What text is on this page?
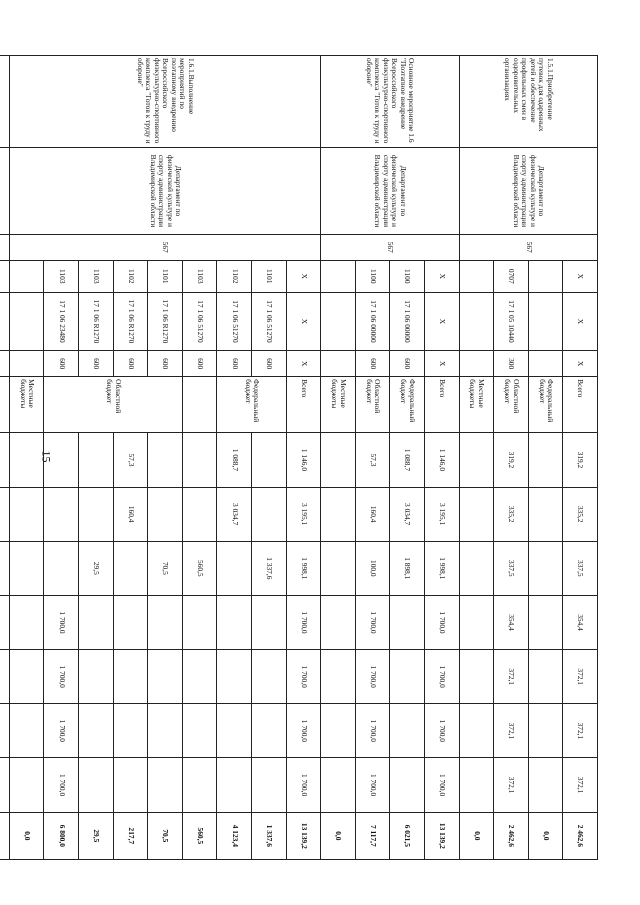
15
1.5.1.Приобретение путевок для одаренных детей и обеспечение профильных смен в оздоровительных организациях	Департамент по физической культуре и спорту администрации Владимирской области	567	X	X	X	Всего	319,2	335,2	337,5	354,4	372,1	372,1	372,1	2 462,6
						Федеральный бюджет								0,0
			0707	17 1 05 10440	300	Областной бюджет	319,2	335,2	337,5	354,4	372,1	372,1	372,1	2 462,6
						Местные бюджеты								0,0
Основное мероприятие 1.6 "Поэтапное внедрение Всероссийского физкультурно-спортивного комплекса "Готов к труду и обороне"	Департамент по физической культуре и спорту администрации Владимирской области	567	X	X	X	Всего	1 146,0	3 195,1	1 998,1	1 700,0	1 700,0	1 700,0	1 700,0	13 139,2
			1100	17 1 06 00000	600	Федеральный бюджет	1 088,7	3 034,7	1 898,1					6 021,5
			1100	17 1 06 00000	600	Областной бюджет	57,3	160,4	100,0	1 700,0	1 700,0	1 700,0	1 700,0	7 117,7
						Местные бюджеты								0,0
1.6.1.Выполнение мероприятий по поэтапному внедрению Всероссийского физкультурно-спортивного комплекса "Готов к труду и обороне"	Департамент по физической культуре и спорту администрации Владимирской области	567	X	X	X	Всего	1 146,0	3 195,1	1 998,1	1 700,0	1 700,0	1 700,0	1 700,0	13 139,2
			1101	17 1 06 51270	600	Федеральный бюджет			1 337,6					1 337,6
			1102	17 1 06 51270	600		1 088,7	3 034,7						4 123,4
			1103	17 1 06 51270	600				560,5					560,5
			1101	17 1 06 R1270	600	Областной бюджет			70,5					70,5
			1102	17 1 06 R1270	600		57,3	160,4						217,7
			1103	17 1 06 R1270	600				29,5					29,5
			1103	17 1 06 23480	600					1 700,0	1 700,0	1 700,0	1 700,0	6 800,0
						Местные бюджеты								0,0
